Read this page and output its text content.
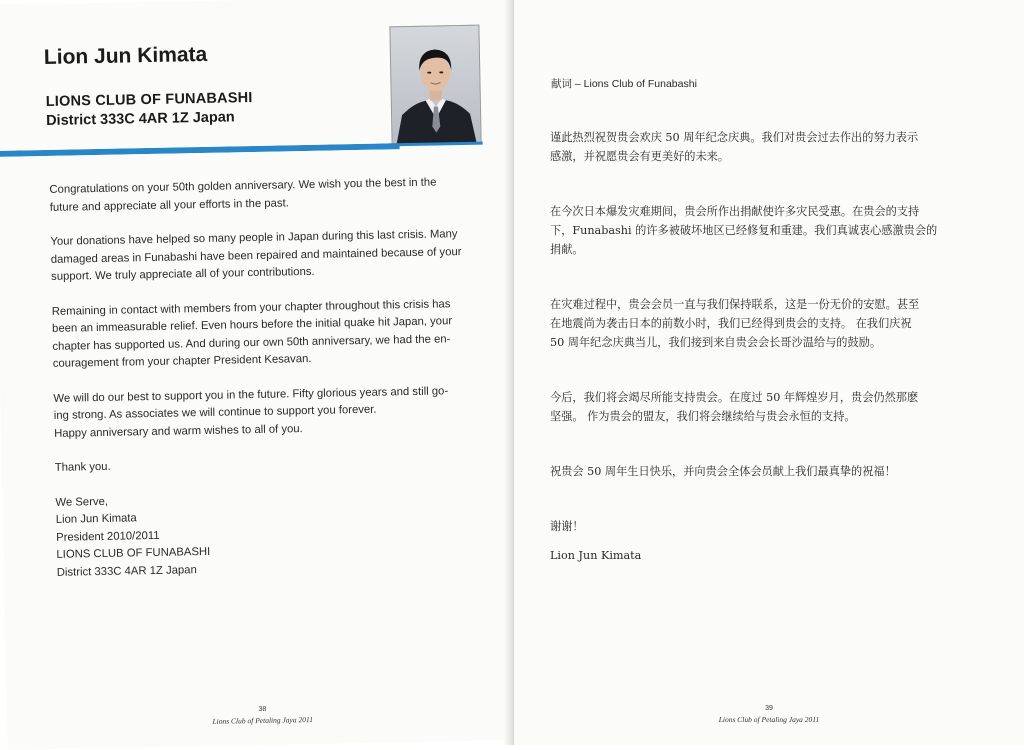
Lion Jun Kimata
LIONS CLUB OF FUNABASHI
District 333C 4AR 1Z Japan

Congratulations on your 50th golden anniversary. We wish you the best in the
future and appreciate all your efforts in the past.

Your donations have helped so many people in Japan during this last crisis. Many
damaged areas in Funabashi have been repaired and maintained because of your
support. We truly appreciate all of your contributions.

Remaining in contact with members from your chapter throughout this crisis has
been an immeasurable relief. Even hours before the initial quake hit Japan, your
chapter has supported us. And during our own 50th anniversary, we had the en-
couragement from your chapter President Kesavan.

We will do our best to support you in the future. Fifty glorious years and still go-
ing strong. As associates we will continue to support you forever.
Happy anniversary and warm wishes to all of you.

Thank you.

We Serve,
Lion Jun Kimata
President 2010/2011
LIONS CLUB OF FUNABASHI
District 333C 4AR 1Z Japan

38
Lions Club of Petaling Jaya 2011
献词 – Lions Club of Funabashi

谨此热烈祝贺贵会欢庆 50 周年纪念庆典。我们对贵会过去作出的努力表示
感激，并祝愿贵会有更美好的未来。

在今次日本爆发灾难期间，贵会所作出捐献使许多灾民受惠。在贵会的支持
下，Funabashi 的许多被破坏地区已经修复和重建。我们真诚衷心感激贵会的
捐献。

在灾难过程中，贵会会员一直与我们保持联系，这是一份无价的安慰。甚至
在地震尚为袭击日本的前数小时，我们已经得到贵会的支持。 在我们庆祝
50 周年纪念庆典当儿，我们接到来自贵会会长哥沙温给与的鼓励。

今后，我们将会竭尽所能支持贵会。在度过 50 年辉煌岁月，贵会仍然那麽
坚强。 作为贵会的盟友，我们将会继续给与贵会永恒的支持。

祝贵会 50 周年生日快乐，并向贵会全体会员献上我们最真挚的祝福！

谢谢！

Lion Jun Kimata

39
Lions Club of Petaling Jaya 2011
